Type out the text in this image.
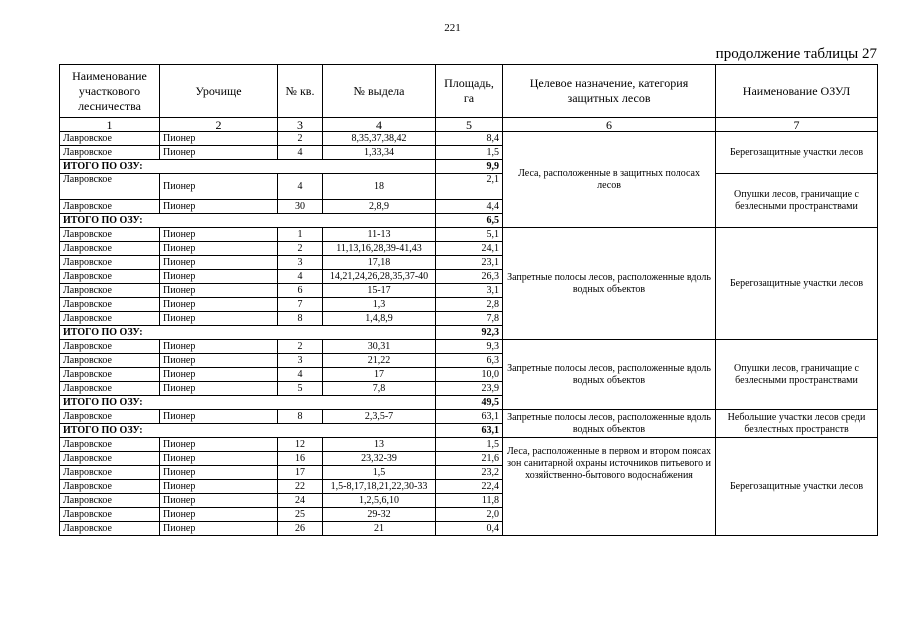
221
продолжение таблицы 27
Наименование участкового лесничества	Урочище	№ кв.	№ выдела	Площадь, га	Целевое назначение, категория защитных лесов	Наименование ОЗУЛ
1	2	3	4	5	6	7
Лавровское	Пионер	2	8,35,37,38,42	8,4	Леса, расположенные в защитных полосах лесов	Берегозащитные участки лесов
Лавровское	Пионер	4	1,33,34	1,5		
ИТОГО ПО ОЗУ:				9,9		
Лавровское	Пионер	4	18	2,1		Опушки лесов, граничащие с безлесными пространствами
Лавровское	Пионер	30	2,8,9	4,4		
ИТОГО ПО ОЗУ:				6,5		
Лавровское	Пионер	1	11-13	5,1	Запретные полосы лесов, расположенные вдоль водных объектов	Берегозащитные участки лесов
Лавровское	Пионер	2	11,13,16,28,39-41,43	24,1		
Лавровское	Пионер	3	17,18	23,1		
Лавровское	Пионер	4	14,21,24,26,28,35,37-40	26,3		
Лавровское	Пионер	6	15-17	3,1		
Лавровское	Пионер	7	1,3	2,8		
Лавровское	Пионер	8	1,4,8,9	7,8		
ИТОГО ПО ОЗУ:				92,3		
Лавровское	Пионер	2	30,31	9,3	Запретные полосы лесов, расположенные вдоль водных объектов	Опушки лесов, граничащие с безлесными пространствами
Лавровское	Пионер	3	21,22	6,3		
Лавровское	Пионер	4	17	10,0		
Лавровское	Пионер	5	7,8	23,9		
ИТОГО ПО ОЗУ:				49,5		
Лавровское	Пионер	8	2,3,5-7	63,1	Запретные полосы лесов, расположенные вдоль водных объектов	Небольшие участки лесов среди безлестных пространств
ИТОГО ПО ОЗУ:				63,1		
Лавровское	Пионер	12	13	1,5	Леса, расположенные в первом и втором поясах зон санитарной охраны источников питьевого и хозяйственно-бытового водоснабжения	Берегозащитные участки лесов
Лавровское	Пионер	16	23,32-39	21,6		
Лавровское	Пионер	17	1,5	23,2		
Лавровское	Пионер	22	1,5-8,17,18,21,22,30-33	22,4		
Лавровское	Пионер	24	1,2,5,6,10	11,8		
Лавровское	Пионер	25	29-32	2,0		
Лавровское	Пионер	26	21	0,4		
